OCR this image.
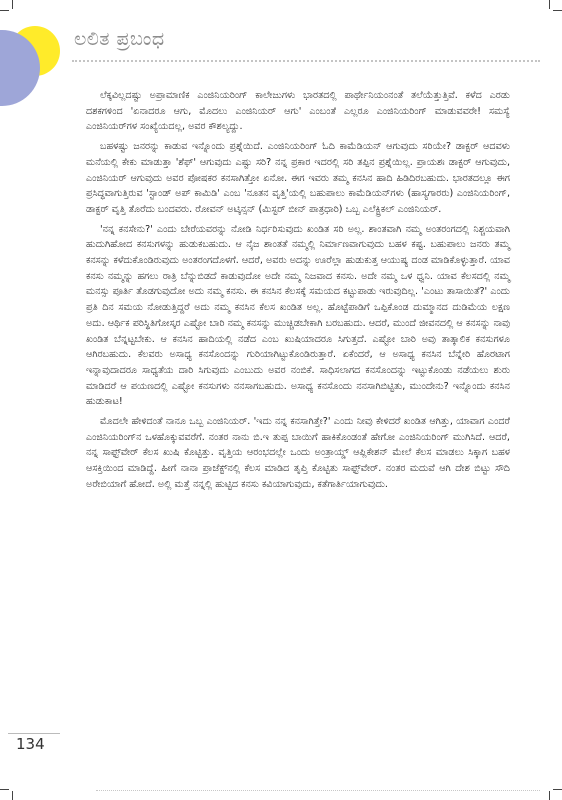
ಲಲಿತ ಪ್ರಬಂಧ

ಲೆಕ್ಕವಿಲ್ಲದಷ್ಟು ಅಪ್ರಾಮಾಣಿಕ ಎಂಜಿನಿಯರಿಂಗ್ ಕಾಲೇಜುಗಳು ಭಾರತದಲ್ಲಿ ಪಾರ್ಥೇನಿಯಂನಂತೆ ತಲೆಯೆತ್ತುತ್ತಿವೆ. ಕಳೆದ ಎರಡು ದಶಕಗಳಿಂದ 'ಏನಾದರೂ ಆಗು, ಮೊದಲು ಎಂಜಿನಿಯರ್ ಆಗು' ಎಂಬಂತೆ ಎಲ್ಲರೂ ಎಂಜಿನಿಯರಿಂಗ್ ಮಾಡುವವರೇ! ಸಮಸ್ಯೆ ಎಂಜಿನಿಯರ್‌ಗಳ ಸಂಖ್ಯೆಯದಲ್ಲ, ಅವರ ಕೌಶಲ್ಯದ್ದು.

ಬಹಳಷ್ಟು ಜನರನ್ನು ಕಾಡುವ ಇನ್ನೊಂದು ಪ್ರಶ್ನೆಯಿದೆ. ಎಂಜಿನಿಯರಿಂಗ್ ಓದಿ ಕಾಮೆಡಿಯನ್ ಆಗುವುದು ಸರಿಯೇ? ಡಾಕ್ಟರ್ ಆದವಳು ಮನೆಯಲ್ಲಿ ಕೇಕು ಮಾಡುತ್ತಾ 'ಶೆಫ್' ಆಗುವುದು ಎಷ್ಟು ಸರಿ? ನನ್ನ ಪ್ರಕಾರ ಇದರಲ್ಲಿ ಸರಿ ತಪ್ಪಿನ ಪ್ರಶ್ನೆಯಿಲ್ಲ. ಪ್ರಾಯಶಃ ಡಾಕ್ಟರ್ ಆಗುವುದು, ಎಂಜಿನಿಯರ್ ಆಗುವುದು ಅವರ ಪೋಷಕರ ಕನಸಾಗಿತ್ತೋ ಏನೋ. ಈಗ ಇವರು ತಮ್ಮ ಕನಸಿನ ಹಾದಿ ಹಿಡಿದಿರಬಹುದು. ಭಾರತದಲ್ಲೂ ಈಗ ಪ್ರಸಿದ್ಧವಾಗುತ್ತಿರುವ 'ಸ್ಟಾಂಡ್ ಅಪ್ ಕಾಮಿಡಿ' ಎಂಬ 'ನೂತನ ವೃತ್ತಿ'ಯಲ್ಲಿ ಬಹುಪಾಲು ಕಾಮೆಡಿಯನ್‌ಗಳು (ಹಾಸ್ಯಗಾರರು) ಎಂಜಿನಿಯರಿಂಗ್, ಡಾಕ್ಟರ್ ವೃತ್ತಿ ತೊರೆದು ಬಂದವರು. ರೋವನ್ ಅಟ್ಕಿನ್ಸನ್ (ಮಿಸ್ಟರ್ ಬೀನ್ ಪಾತ್ರಧಾರಿ) ಒಬ್ಬ ಎಲೆಕ್ಟ್ರಿಕಲ್ ಎಂಜಿನಿಯರ್.

'ನನ್ನ ಕನಸೇನು?' ಎಂದು ಬೇರೆಯವರನ್ನು ನೋಡಿ ನಿರ್ಧರಿಸುವುದು ಖಂಡಿತ ಸರಿ ಅಲ್ಲ. ಶಾಂತವಾಗಿ ನಮ್ಮ ಅಂತರಂಗದಲ್ಲಿ ನಿಶ್ಚಯವಾಗಿ ಹುದುಗಿಹೋದ ಕನಸುಗಳನ್ನು ಹುಡುಕಬಹುದು. ಆ ನೈಜ ಶಾಂತತೆ ನಮ್ಮಲ್ಲಿ ನಿರ್ಮಾಣವಾಗುವುದು ಬಹಳ ಕಷ್ಟ. ಬಹುಪಾಲು ಜನರು ತಮ್ಮ ಕನಸನ್ನು ಕಳೆದುಕೊಂಡಿರುವುದು ಅಂತರಂಗದೊಳಗೆ. ಆದರೆ, ಅವರು ಅದನ್ನು ಊರೆಲ್ಲಾ ಹುಡುಕುತ್ತ ಆಯುಷ್ಯ ದಂಡ ಮಾಡಿಕೊಳ್ಳುತ್ತಾರೆ. ಯಾವ ಕನಸು ನಮ್ಮನ್ನು ಹಗಲು ರಾತ್ರಿ ಬೆನ್ನುಬಿಡದೆ ಕಾಡುವುದೋ ಅದೇ ನಮ್ಮ ನಿಜವಾದ ಕನಸು. ಅದೇ ನಮ್ಮ ಒಳ ಧ್ವನಿ. ಯಾವ ಕೆಲಸದಲ್ಲಿ ನಮ್ಮ ಮನಸ್ಸು ಪೂರ್ತಿ ತೊಡಗುವುದೋ ಅದು ನಮ್ಮ ಕನಸು. ಈ ಕನಸಿನ ಕೆಲಸಕ್ಕೆ ಸಮಯದ ಕಟ್ಟುಪಾಡು ಇರುವುದಿಲ್ಲ. 'ಎಂಟು ತಾಸಾಯಿತೆ?' ಎಂದು ಪ್ರತಿ ದಿನ ಸಮಯ ನೋಡುತ್ತಿದ್ದರೆ ಅದು ನಮ್ಮ ಕನಸಿನ ಕೆಲಸ ಖಂಡಿತ ಅಲ್ಲ. ಹೊಟ್ಟೆಪಾಡಿಗೆ ಒಪ್ಪಿಕೊಂಡ ದುಮ್ಮಾನದ ದುಡಿಮೆಯ ಲಕ್ಷಣ ಅದು. ಆರ್ಥಿಕ ಪರಿಸ್ಥಿತಿಗೋಸ್ಕರ ಎಷ್ಟೋ ಬಾರಿ ನಮ್ಮ ಕನಸನ್ನು ಮುಚ್ಚಿಡಬೇಕಾಗಿ ಬರಬಹುದು. ಆದರೆ, ಮುಂದೆ ಜೀವನದಲ್ಲಿ ಆ ಕನಸನ್ನು ನಾವು ಖಂಡಿತ ಬೆನ್ನಟ್ಟಬೇಕು. ಆ ಕನಸಿನ ಹಾದಿಯಲ್ಲಿ ನಡೆದ ಎಂಬ ಖುಷಿಯಾದರೂ ಸಿಗುತ್ತದೆ. ಎಷ್ಟೋ ಬಾರಿ ಅವು ತಾತ್ಕಾಲಿಕ ಕನಸುಗಳೂ ಆಗಿರಬಹುದು. ಕೆಲವರು ಅಸಾಧ್ಯ ಕನಸೊಂದನ್ನು ಗುರಿಯಾಗಿಟ್ಟುಕೊಂಡಿರುತ್ತಾರೆ. ಏಕೆಂದರೆ, ಆ ಅಸಾಧ್ಯ ಕನಸಿನ ಬೆನ್ನೇರಿ ಹೊರಟಾಗ ಇನ್ನಾವುದಾದರೂ ಸಾಧ್ಯತೆಯ ದಾರಿ ಸಿಗುವುದು ಎಂಬುದು ಅವರ ನಂಬಿಕೆ. ಸಾಧಿಸಲಾಗದ ಕನಸೊಂದನ್ನು ಇಟ್ಟುಕೊಂಡು ನಡೆಯಲು ಶುರು ಮಾಡಿದರೆ ಆ ಪಯಣದಲ್ಲಿ ಎಷ್ಟೋ ಕನಸುಗಳು ನನಸಾಗಬಹುದು. ಅಸಾಧ್ಯ ಕನಸೊಂದು ನನಸಾಗಿಬಿಟ್ಟಿತು, ಮುಂದೇನು? ಇನ್ನೊಂದು ಕನಸಿನ ಹುಡುಕಾಟ!

ಮೊದಲೇ ಹೇಳಿದಂತೆ ನಾನೂ ಒಬ್ಬ ಎಂಜಿನಿಯರ್. 'ಇದು ನನ್ನ ಕನಸಾಗಿತ್ತೇ?' ಎಂದು ನೀವು ಕೇಳಿದರೆ ಖಂಡಿತ ಆಗಿತ್ತು, ಯಾವಾಗ ಎಂದರೆ ಎಂಜಿನಿಯರಿಂಗ್‌ನ ಒಳಹೊಕ್ಕುವವರೆಗೆ. ನಂತರ ನಾನು ಬಿ.ಇ ತುಪ್ಪ ಬಾಯಿಗೆ ಹಾಕಿಕೊಂಡಂತೆ ಹೇಗೋ ಎಂಜಿನಿಯರಿಂಗ್ ಮುಗಿಸಿದೆ. ಆದರೆ, ನನ್ನ ಸಾಫ್ಟ್‌ವೇರ್ ಕೆಲಸ ಖುಷಿ ಕೊಟ್ಟಿತ್ತು. ವೃತ್ತಿಯ ಆರಂಭದಲ್ಲೇ ಒಂದು ಅಂತ್ರಾಯ್ಡ್ ಆಪ್ಲಿಕೇಶನ್ ಮೇಲೆ ಕೆಲಸ ಮಾಡಲು ಸಿಕ್ಕಾಗ ಬಹಳ ಆಸಕ್ತಿಯಿಂದ ಮಾಡಿದ್ದೆ. ಹೀಗೆ ನಾನಾ ಪ್ರಾಜೆಕ್ಟ್‌ನಲ್ಲಿ ಕೆಲಸ ಮಾಡಿದ ತೃಪ್ತಿ ಕೊಟ್ಟಿತು ಸಾಫ್ಟ್‌ವೇರ್. ನಂತರ ಮದುವೆ ಆಗಿ ದೇಶ ಬಿಟ್ಟು ಸೌದಿ ಅರೇಬಿಯಾಗೆ ಹೋದೆ. ಅಲ್ಲಿ ಮತ್ತೆ ನನ್ನಲ್ಲಿ ಹುಟ್ಟಿದ ಕನಸು ಕವಿಯಾಗುವುದು, ಕತೆಗಾರ್ತಿಯಾಗುವುದು.

134
